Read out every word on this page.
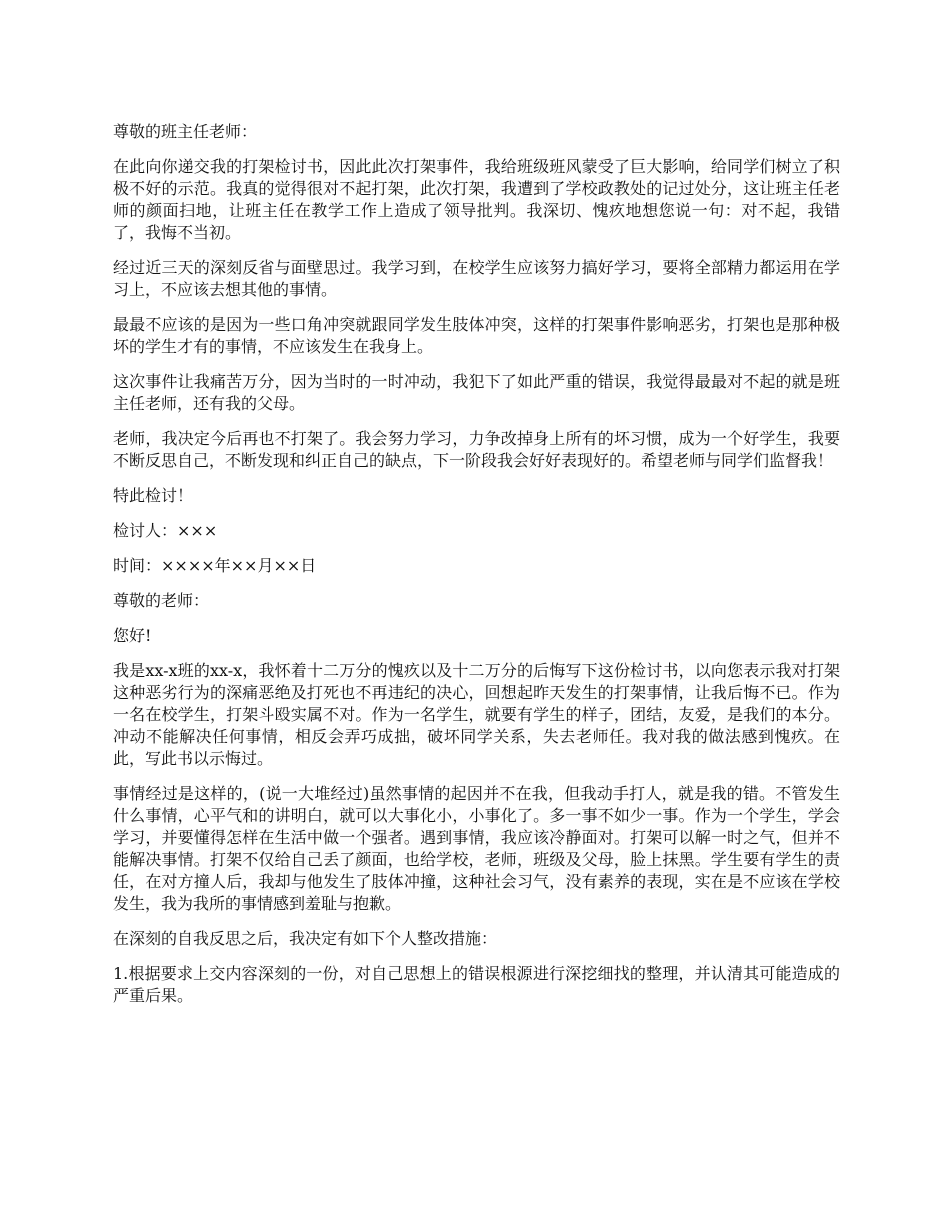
尊敬的班主任老师：

在此向你递交我的打架检讨书，因此此次打架事件，我给班级班风蒙受了巨大影响，给同学们树立了积极不好的示范。我真的觉得很对不起打架，此次打架，我遭到了学校政教处的记过处分，这让班主任老师的颜面扫地，让班主任在教学工作上造成了领导批判。我深切、愧疚地想您说一句：对不起，我错了，我悔不当初。

经过近三天的深刻反省与面壁思过。我学习到，在校学生应该努力搞好学习，要将全部精力都运用在学习上，不应该去想其他的事情。

最最不应该的是因为一些口角冲突就跟同学发生肢体冲突，这样的打架事件影响恶劣，打架也是那种极坏的学生才有的事情，不应该发生在我身上。

这次事件让我痛苦万分，因为当时的一时冲动，我犯下了如此严重的错误，我觉得最最对不起的就是班主任老师，还有我的父母。

老师，我决定今后再也不打架了。我会努力学习，力争改掉身上所有的坏习惯，成为一个好学生，我要不断反思自己，不断发现和纠正自己的缺点，下一阶段我会好好表现好的。希望老师与同学们监督我！

特此检讨！

检讨人：×××

时间：××××年××月××日

尊敬的老师：

您好!

我是xx-x班的xx-x，我怀着十二万分的愧疚以及十二万分的后悔写下这份检讨书，以向您表示我对打架这种恶劣行为的深痛恶绝及打死也不再违纪的决心，回想起昨天发生的打架事情，让我后悔不已。作为一名在校学生，打架斗殴实属不对。作为一名学生，就要有学生的样子，团结，友爱，是我们的本分。冲动不能解决任何事情，相反会弄巧成拙，破坏同学关系，失去老师任。我对我的做法感到愧疚。在此，写此书以示悔过。

事情经过是这样的，(说一大堆经过)虽然事情的起因并不在我，但我动手打人，就是我的错。不管发生什么事情，心平气和的讲明白，就可以大事化小，小事化了。多一事不如少一事。作为一个学生，学会学习，并要懂得怎样在生活中做一个强者。遇到事情，我应该冷静面对。打架可以解一时之气，但并不能解决事情。打架不仅给自己丢了颜面，也给学校，老师，班级及父母，脸上抹黑。学生要有学生的责任，在对方撞人后，我却与他发生了肢体冲撞，这种社会习气，没有素养的表现，实在是不应该在学校发生，我为我所的事情感到羞耻与抱歉。

在深刻的自我反思之后，我决定有如下个人整改措施：

1.根据要求上交内容深刻的一份，对自己思想上的错误根源进行深挖细找的整理，并认清其可能造成的严重后果。
